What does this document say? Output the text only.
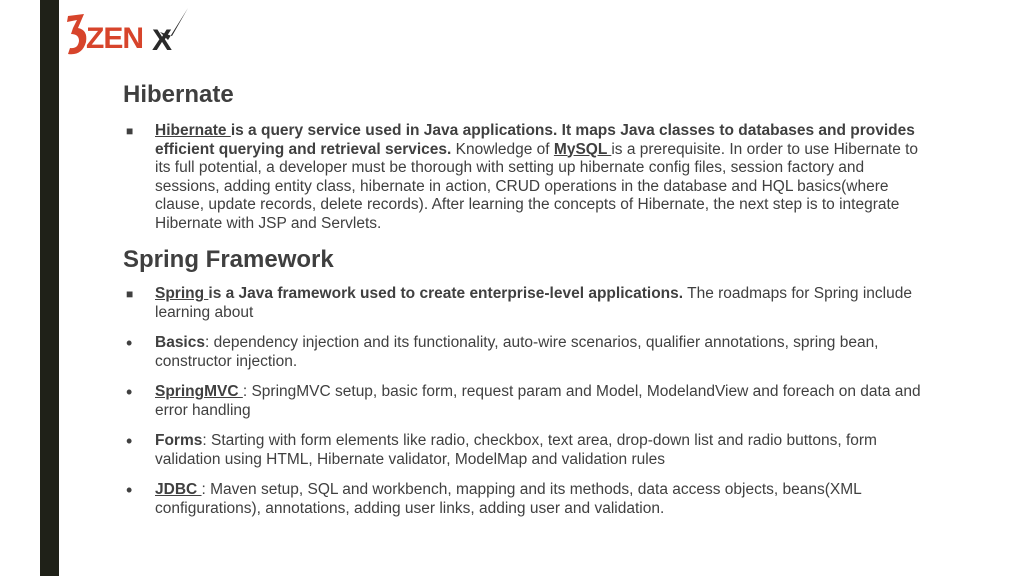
ZEN X
Hibernate
■ Hibernate is a query service used in Java applications. It maps Java classes to databases and provides efficient querying and retrieval services. Knowledge of MySQL is a prerequisite. In order to use Hibernate to its full potential, a developer must be thorough with setting up hibernate config files, session factory and sessions, adding entity class, hibernate in action, CRUD operations in the database and HQL basics(where clause, update records, delete records). After learning the concepts of Hibernate, the next step is to integrate Hibernate with JSP and Servlets.
Spring Framework
■ Spring is a Java framework used to create enterprise-level applications. The roadmaps for Spring include learning about
• Basics: dependency injection and its functionality, auto-wire scenarios, qualifier annotations, spring bean, constructor injection.
• SpringMVC : SpringMVC setup, basic form, request param and Model, ModelandView and foreach on data and error handling
• Forms: Starting with form elements like radio, checkbox, text area, drop-down list and radio buttons, form validation using HTML, Hibernate validator, ModelMap and validation rules
• JDBC : Maven setup, SQL and workbench, mapping and its methods, data access objects, beans(XML configurations), annotations, adding user links, adding user and validation.
